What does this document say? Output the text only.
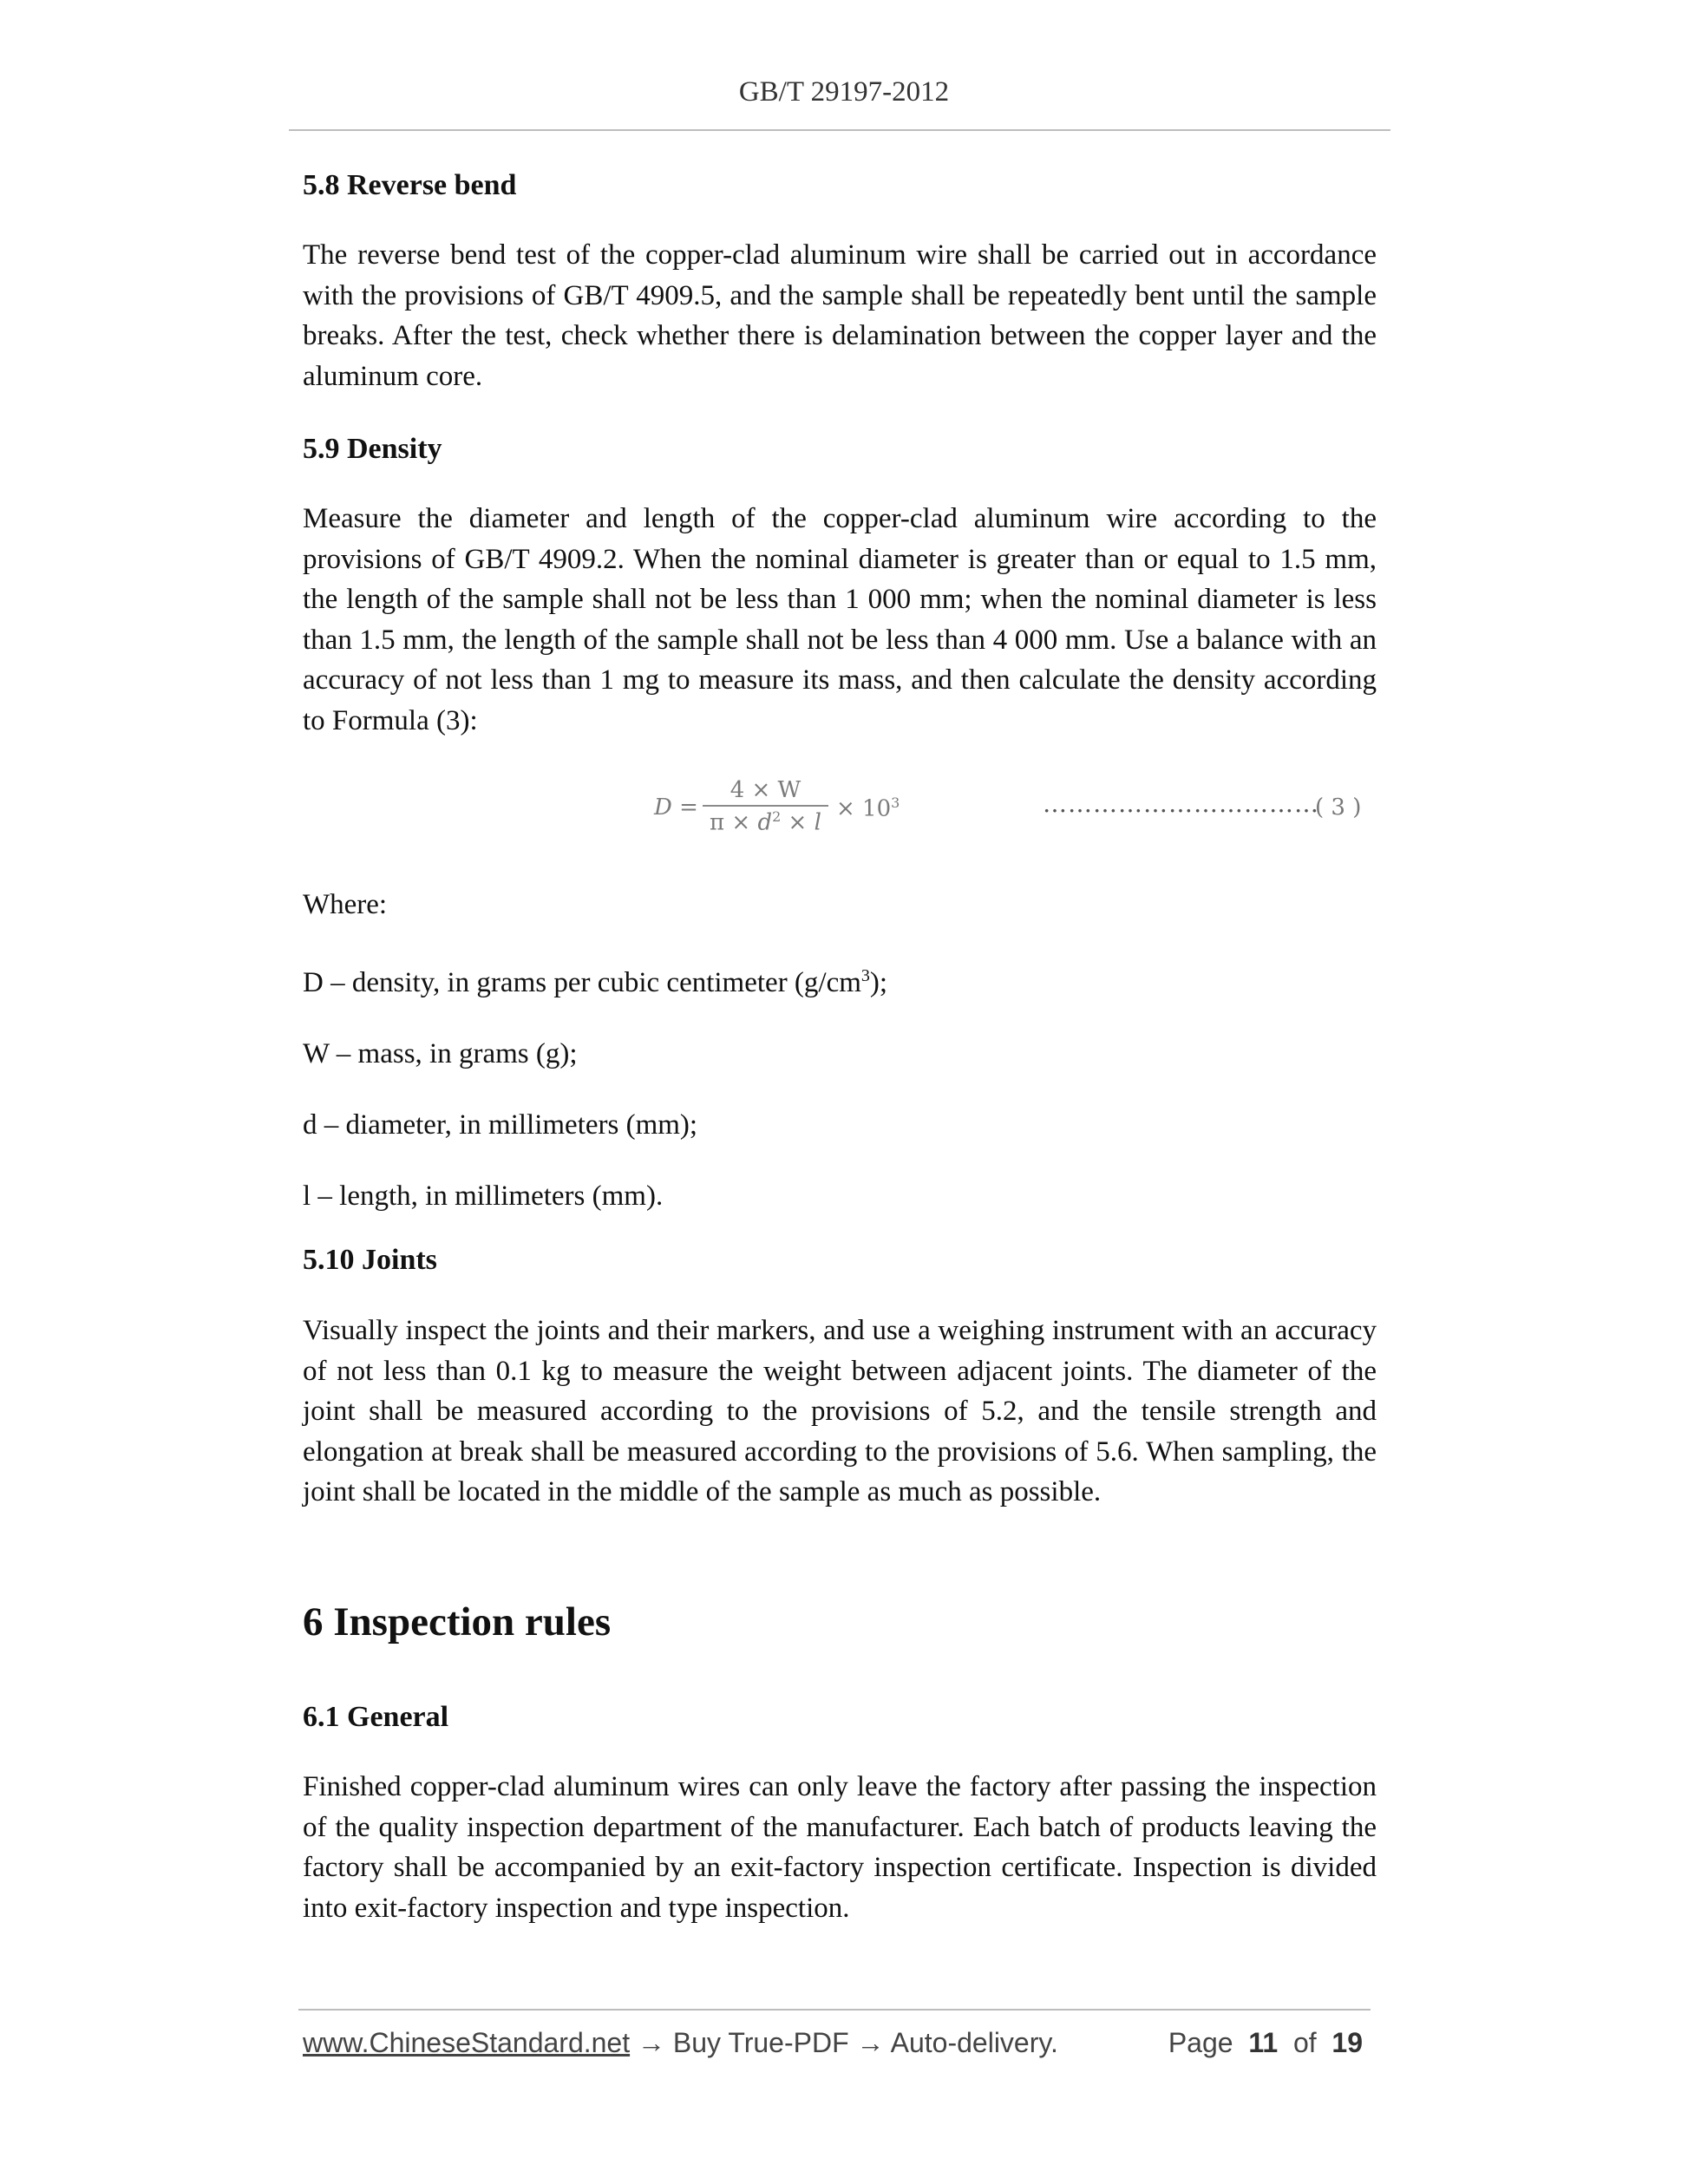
GB/T 29197-2012
5.8 Reverse bend

The reverse bend test of the copper-clad aluminum wire shall be carried out in accordance with the provisions of GB/T 4909.5, and the sample shall be repeatedly bent until the sample breaks. After the test, check whether there is delamination between the copper layer and the aluminum core.

5.9 Density

Measure the diameter and length of the copper-clad aluminum wire according to the provisions of GB/T 4909.2. When the nominal diameter is greater than or equal to 1.5 mm, the length of the sample shall not be less than 1 000 mm; when the nominal diameter is less than 1.5 mm, the length of the sample shall not be less than 4 000 mm. Use a balance with an accuracy of not less than 1 mg to measure its mass, and then calculate the density according to Formula (3):

D =
4 × W
$\pi \times d^2 \times l$
× $10^3$	……………………………
( 3 )

Where:

D – density, in grams per cubic centimeter $(g/cm^3)$;

W – mass, in grams (g);

d – diameter, in millimeters (mm);

l – length, in millimeters (mm).

5.10 Joints

Visually inspect the joints and their markers, and use a weighing instrument with an accuracy of not less than 0.1 kg to measure the weight between adjacent joints. The diameter of the joint shall be measured according to the provisions of 5.2, and the tensile strength and elongation at break shall be measured according to the provisions of 5.6. When sampling, the joint shall be located in the middle of the sample as much as possible.

6 Inspection rules
6.1 General

Finished copper-clad aluminum wires can only leave the factory after passing the inspection of the quality inspection department of the manufacturer. Each batch of products leaving the factory shall be accompanied by an exit-factory inspection certificate. Inspection is divided into exit-factory inspection and type inspection.

www.ChineseStandard.net → Buy True-PDF → Auto-delivery.	Page 11 of 19
